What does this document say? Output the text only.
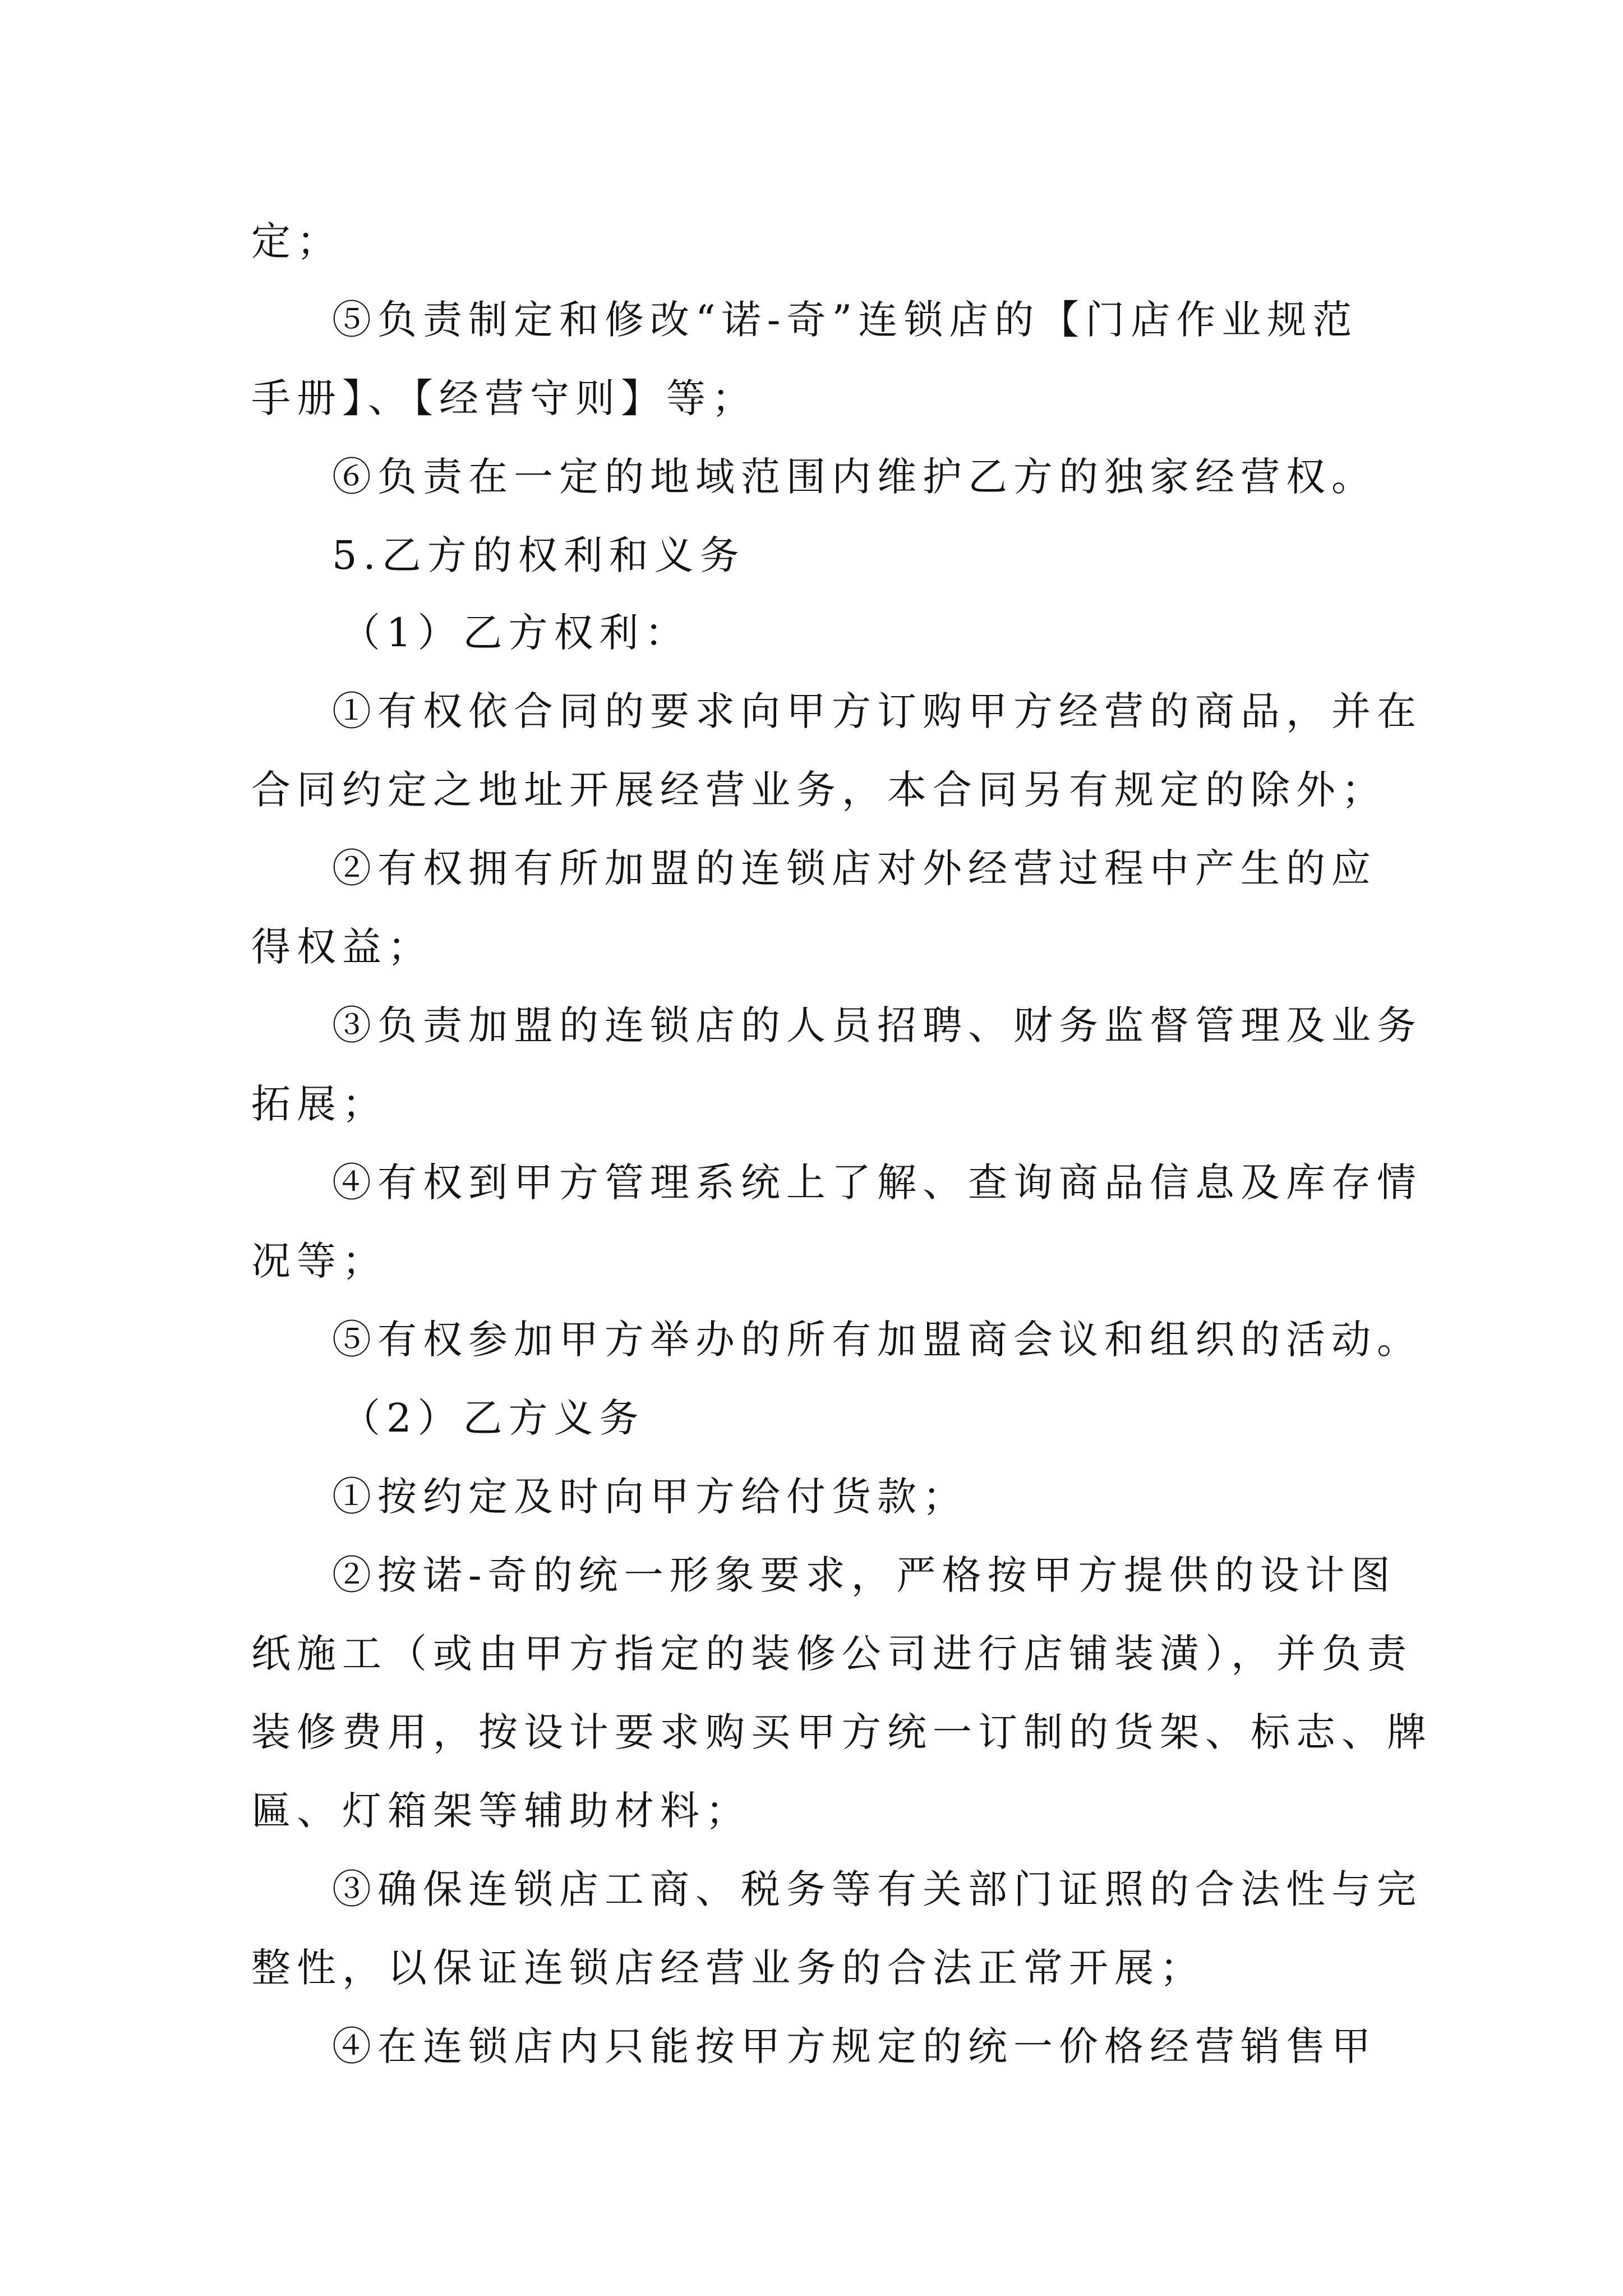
定；
⑤负责制定和修改“诺-奇”连锁店的【门店作业规范
手册】、【经营守则】等；
⑥负责在一定的地域范围内维护乙方的独家经营权。
5.乙方的权利和义务
（1）乙方权利：
①有权依合同的要求向甲方订购甲方经营的商品，并在
合同约定之地址开展经营业务，本合同另有规定的除外；
②有权拥有所加盟的连锁店对外经营过程中产生的应
得权益；
③负责加盟的连锁店的人员招聘、财务监督管理及业务
拓展；
④有权到甲方管理系统上了解、查询商品信息及库存情
况等；
⑤有权参加甲方举办的所有加盟商会议和组织的活动。
（2）乙方义务
①按约定及时向甲方给付货款；
②按诺-奇的统一形象要求，严格按甲方提供的设计图
纸施工（或由甲方指定的装修公司进行店铺装潢），并负责
装修费用，按设计要求购买甲方统一订制的货架、标志、牌
匾、灯箱架等辅助材料；
③确保连锁店工商、税务等有关部门证照的合法性与完
整性，以保证连锁店经营业务的合法正常开展；
④在连锁店内只能按甲方规定的统一价格经营销售甲
